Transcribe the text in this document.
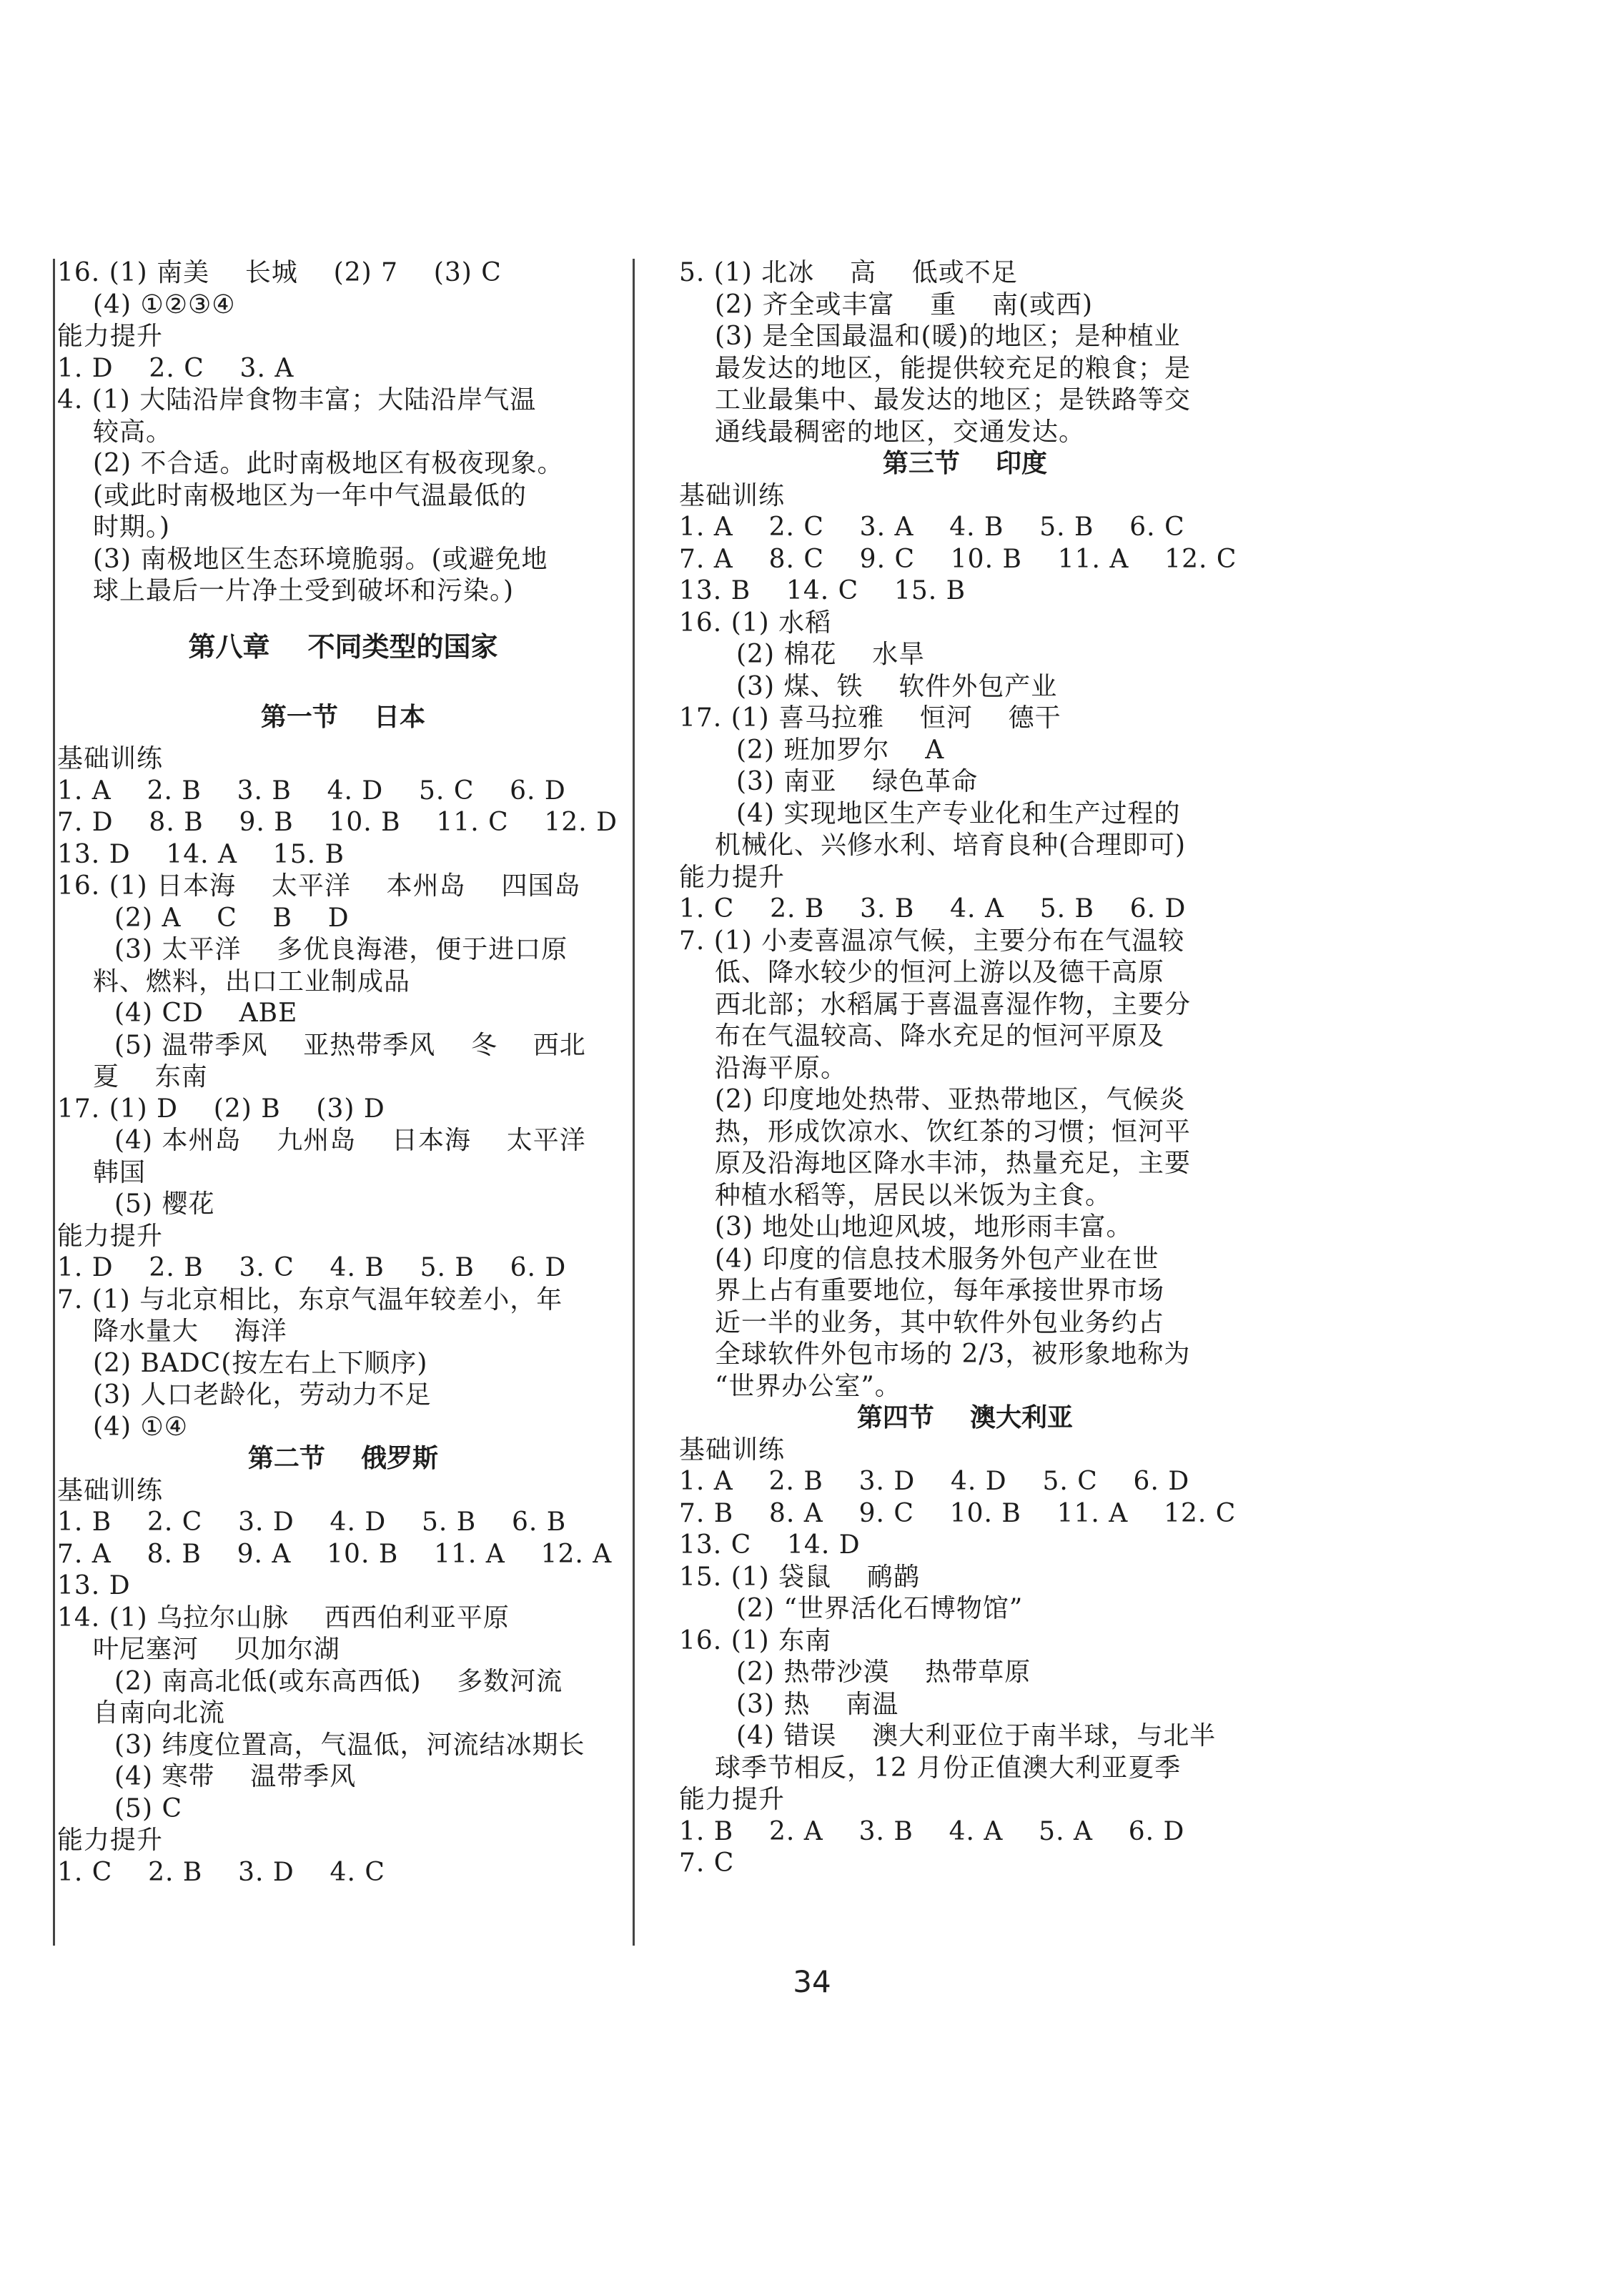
16. (1) 南美    长城    (2) 7    (3) C
(4) ①②③④
能力提升
1. D    2. C    3. A
4. (1) 大陆沿岸食物丰富；大陆沿岸气温
较高。
(2) 不合适。此时南极地区有极夜现象。
(或此时南极地区为一年中气温最低的
时期。)
(3) 南极地区生态环境脆弱。(或避免地
球上最后一片净土受到破坏和污染。)
第八章    不同类型的国家
第一节    日本
基础训练
1. A    2. B    3. B    4. D    5. C    6. D
7. D    8. B    9. B    10. B    11. C    12. D
13. D    14. A    15. B
16. (1) 日本海    太平洋    本州岛    四国岛
(2) A    C    B    D
(3) 太平洋    多优良海港，便于进口原
料、燃料，出口工业制成品
(4) CD    ABE
(5) 温带季风    亚热带季风    冬    西北
夏    东南
17. (1) D    (2) B    (3) D
(4) 本州岛    九州岛    日本海    太平洋
韩国
(5) 樱花
能力提升
1. D    2. B    3. C    4. B    5. B    6. D
7. (1) 与北京相比，东京气温年较差小，年
降水量大    海洋
(2) BADC(按左右上下顺序)
(3) 人口老龄化，劳动力不足
(4) ①④
第二节    俄罗斯
基础训练
1. B    2. C    3. D    4. D    5. B    6. B
7. A    8. B    9. A    10. B    11. A    12. A
13. D
14. (1) 乌拉尔山脉    西西伯利亚平原
叶尼塞河    贝加尔湖
(2) 南高北低(或东高西低)    多数河流
自南向北流
(3) 纬度位置高，气温低，河流结冰期长
(4) 寒带    温带季风
(5) C
能力提升
1. C    2. B    3. D    4. C
5. (1) 北冰    高    低或不足
(2) 齐全或丰富    重    南(或西)
(3) 是全国最温和(暖)的地区；是种植业
最发达的地区，能提供较充足的粮食；是
工业最集中、最发达的地区；是铁路等交
通线最稠密的地区，交通发达。
第三节    印度
基础训练
1. A    2. C    3. A    4. B    5. B    6. C
7. A    8. C    9. C    10. B    11. A    12. C
13. B    14. C    15. B
16. (1) 水稻
(2) 棉花    水旱
(3) 煤、铁    软件外包产业
17. (1) 喜马拉雅    恒河    德干
(2) 班加罗尔    A
(3) 南亚    绿色革命
(4) 实现地区生产专业化和生产过程的
机械化、兴修水利、培育良种(合理即可)
能力提升
1. C    2. B    3. B    4. A    5. B    6. D
7. (1) 小麦喜温凉气候，主要分布在气温较
低、降水较少的恒河上游以及德干高原
西北部；水稻属于喜温喜湿作物，主要分
布在气温较高、降水充足的恒河平原及
沿海平原。
(2) 印度地处热带、亚热带地区，气候炎
热，形成饮凉水、饮红茶的习惯；恒河平
原及沿海地区降水丰沛，热量充足，主要
种植水稻等，居民以米饭为主食。
(3) 地处山地迎风坡，地形雨丰富。
(4) 印度的信息技术服务外包产业在世
界上占有重要地位，每年承接世界市场
近一半的业务，其中软件外包业务约占
全球软件外包市场的 2/3，被形象地称为
“世界办公室”。
第四节    澳大利亚
基础训练
1. A    2. B    3. D    4. D    5. C    6. D
7. B    8. A    9. C    10. B    11. A    12. C
13. C    14. D
15. (1) 袋鼠    鸸鹋
(2) “世界活化石博物馆”
16. (1) 东南
(2) 热带沙漠    热带草原
(3) 热    南温
(4) 错误    澳大利亚位于南半球，与北半
球季节相反，12 月份正值澳大利亚夏季
能力提升
1. B    2. A    3. B    4. A    5. A    6. D
7. C
34
